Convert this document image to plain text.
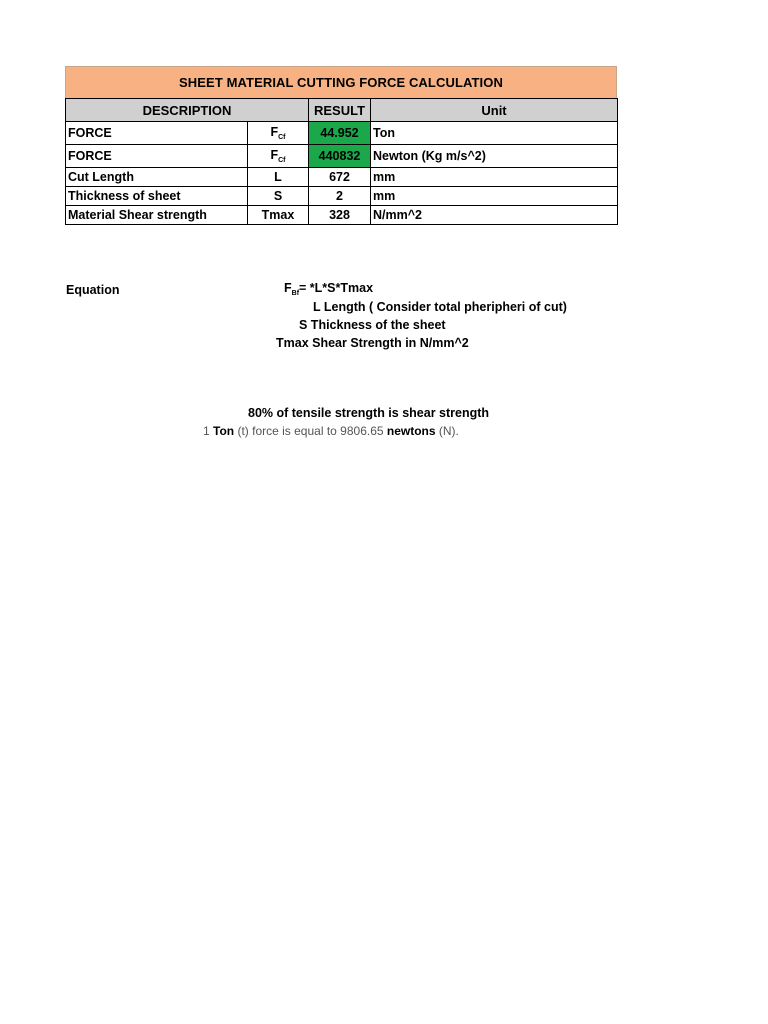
SHEET MATERIAL CUTTING FORCE CALCULATION
DESCRIPTION		RESULT	Unit
FORCE	$F_{Cf}$	44.952	Ton
FORCE	$F_{Cf}$	440832	Newton (Kg m/s^2)
Cut Length	L	672	mm
Thickness of sheet	S	2	mm
Material Shear strength	Tmax	328	N/mm^2
Equation	$F_{Bf}= *L*S*Tmax$
L Length ( Consider total pheripheri of cut)
S Thickness of the sheet
Tmax Shear Strength in N/mm^2
80% of tensile strength is shear strength
1 Ton (t) force is equal to 9806.65 newtons (N).
